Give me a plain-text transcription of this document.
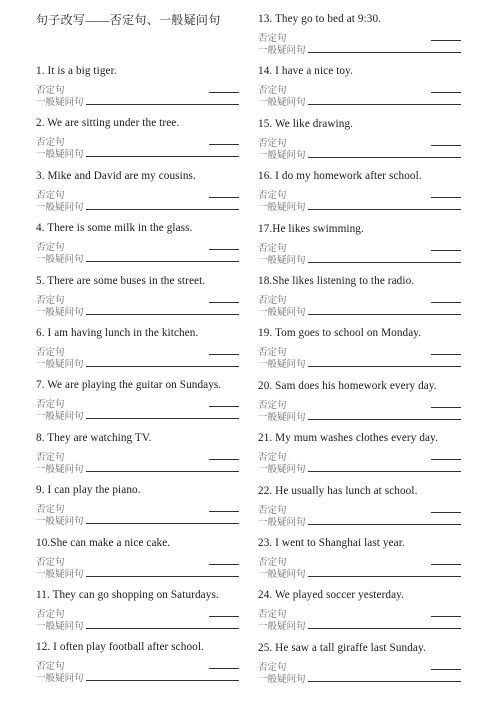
句子改写——否定句、一般疑问句
1. It is a big tiger.
否定句
一般疑问句
2. We are sitting under the tree.
否定句
一般疑问句
3. Mike and David are my cousins.
否定句
一般疑问句
4. There is some milk in the glass.
否定句
一般疑问句
5. There are some buses in the street.
否定句
一般疑问句
6. I am having lunch in the kitchen.
否定句
一般疑问句
7. We are playing the guitar on Sundays.
否定句
一般疑问句
8. They are watching TV.
否定句
一般疑问句
9. I can play the piano.
否定句
一般疑问句
10.She can make a nice cake.
否定句
一般疑问句
11. They can go shopping on Saturdays.
否定句
一般疑问句
12. I often play football after school.
否定句
一般疑问句
13. They go to bed at 9:30.
否定句
一般疑问句
14. I have a nice toy.
否定句
一般疑问句
15. We like drawing.
否定句
一般疑问句
16. I do my homework after school.
否定句
一般疑问句
17.He likes swimming.
否定句
一般疑问句
18.She likes listening to the radio.
否定句
一般疑问句
19. Tom goes to school on Monday.
否定句
一般疑问句
20. Sam does his homework every day.
否定句
一般疑问句
21. My mum washes clothes every day.
否定句
一般疑问句
22. He usually has lunch at school.
否定句
一般疑问句
23. I went to Shanghai last year.
否定句
一般疑问句
24. We played soccer yesterday.
否定句
一般疑问句
25. He saw a tall giraffe last Sunday.
否定句
一般疑问句
